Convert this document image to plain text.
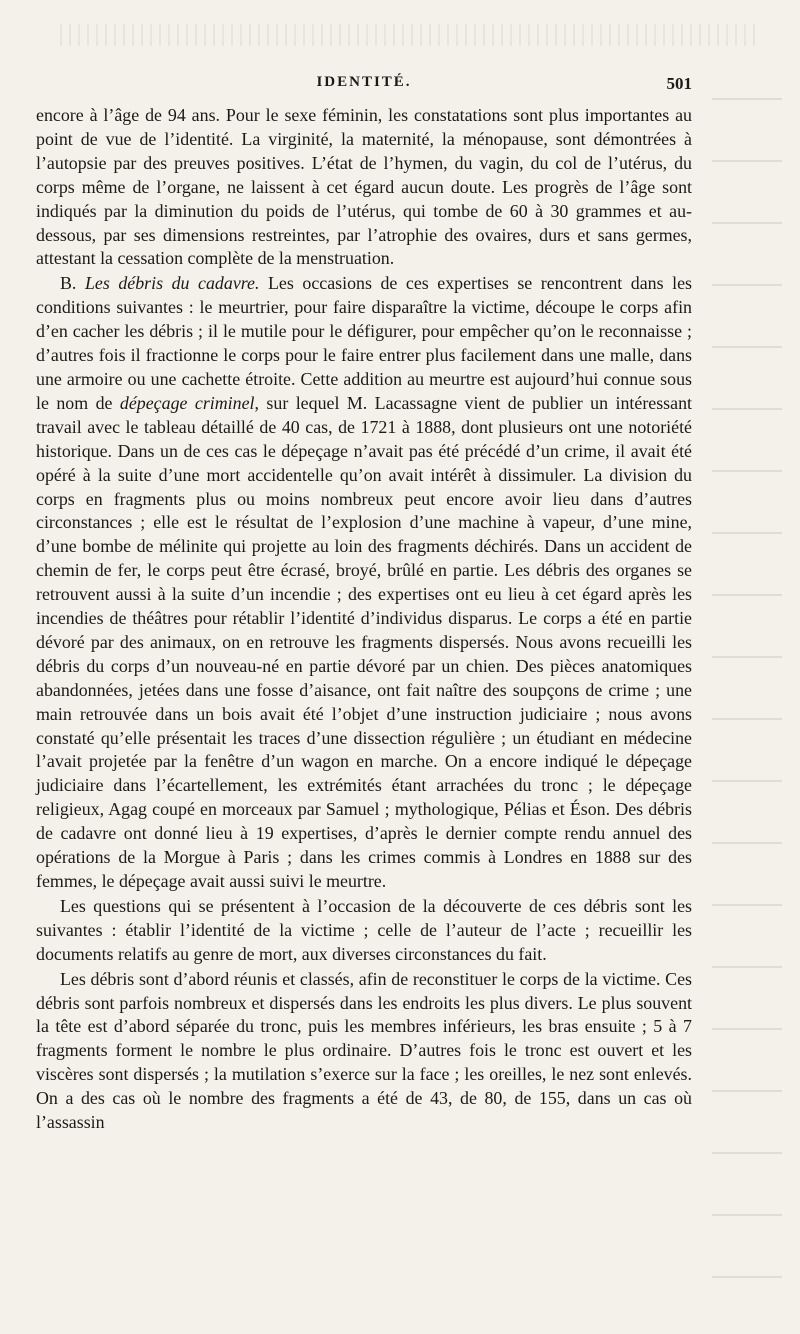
IDENTITÉ.	501

encore à l’âge de 94 ans. Pour le sexe féminin, les constatations sont plus importantes au point de vue de l’identité. La virginité, la maternité, la ménopause, sont démontrées à l’autopsie par des preuves positives. L’état de l’hymen, du vagin, du col de l’utérus, du corps même de l’organe, ne laissent à cet égard aucun doute. Les progrès de l’âge sont indiqués par la diminution du poids de l’utérus, qui tombe de 60 à 30 grammes et au-dessous, par ses dimensions restreintes, par l’atrophie des ovaires, durs et sans germes, attestant la cessation complète de la menstruation.

B. Les débris du cadavre. Les occasions de ces expertises se rencontrent dans les conditions suivantes : le meurtrier, pour faire disparaître la victime, découpe le corps afin d’en cacher les débris ; il le mutile pour le défigurer, pour empêcher qu’on le reconnaisse ; d’autres fois il fractionne le corps pour le faire entrer plus facilement dans une malle, dans une armoire ou une cachette étroite. Cette addition au meurtre est aujourd’hui connue sous le nom de dépeçage criminel, sur lequel M. Lacassagne vient de publier un intéressant travail avec le tableau détaillé de 40 cas, de 1721 à 1888, dont plusieurs ont une notoriété historique. Dans un de ces cas le dépeçage n’avait pas été précédé d’un crime, il avait été opéré à la suite d’une mort accidentelle qu’on avait intérêt à dissimuler. La division du corps en fragments plus ou moins nombreux peut encore avoir lieu dans d’autres circonstances ; elle est le résultat de l’explosion d’une machine à vapeur, d’une mine, d’une bombe de mélinite qui projette au loin des fragments déchirés. Dans un accident de chemin de fer, le corps peut être écrasé, broyé, brûlé en partie. Les débris des organes se retrouvent aussi à la suite d’un incendie ; des expertises ont eu lieu à cet égard après les incendies de théâtres pour rétablir l’identité d’individus disparus. Le corps a été en partie dévoré par des animaux, on en retrouve les fragments dispersés. Nous avons recueilli les débris du corps d’un nouveau-né en partie dévoré par un chien. Des pièces anatomiques abandonnées, jetées dans une fosse d’aisance, ont fait naître des soupçons de crime ; une main retrouvée dans un bois avait été l’objet d’une instruction judiciaire ; nous avons constaté qu’elle présentait les traces d’une dissection régulière ; un étudiant en médecine l’avait projetée par la fenêtre d’un wagon en marche. On a encore indiqué le dépeçage judiciaire dans l’écartellement, les extrémités étant arrachées du tronc ; le dépeçage religieux, Agag coupé en morceaux par Samuel ; mythologique, Pélias et Éson. Des débris de cadavre ont donné lieu à 19 expertises, d’après le dernier compte rendu annuel des opérations de la Morgue à Paris ; dans les crimes commis à Londres en 1888 sur des femmes, le dépeçage avait aussi suivi le meurtre.

Les questions qui se présentent à l’occasion de la découverte de ces débris sont les suivantes : établir l’identité de la victime ; celle de l’auteur de l’acte ; recueillir les documents relatifs au genre de mort, aux diverses circonstances du fait.

Les débris sont d’abord réunis et classés, afin de reconstituer le corps de la victime. Ces débris sont parfois nombreux et dispersés dans les endroits les plus divers. Le plus souvent la tête est d’abord séparée du tronc, puis les membres inférieurs, les bras ensuite ; 5 à 7 fragments forment le nombre le plus ordinaire. D’autres fois le tronc est ouvert et les viscères sont dispersés ; la mutilation s’exerce sur la face ; les oreilles, le nez sont enlevés. On a des cas où le nombre des fragments a été de 43, de 80, de 155, dans un cas où l’assassin
